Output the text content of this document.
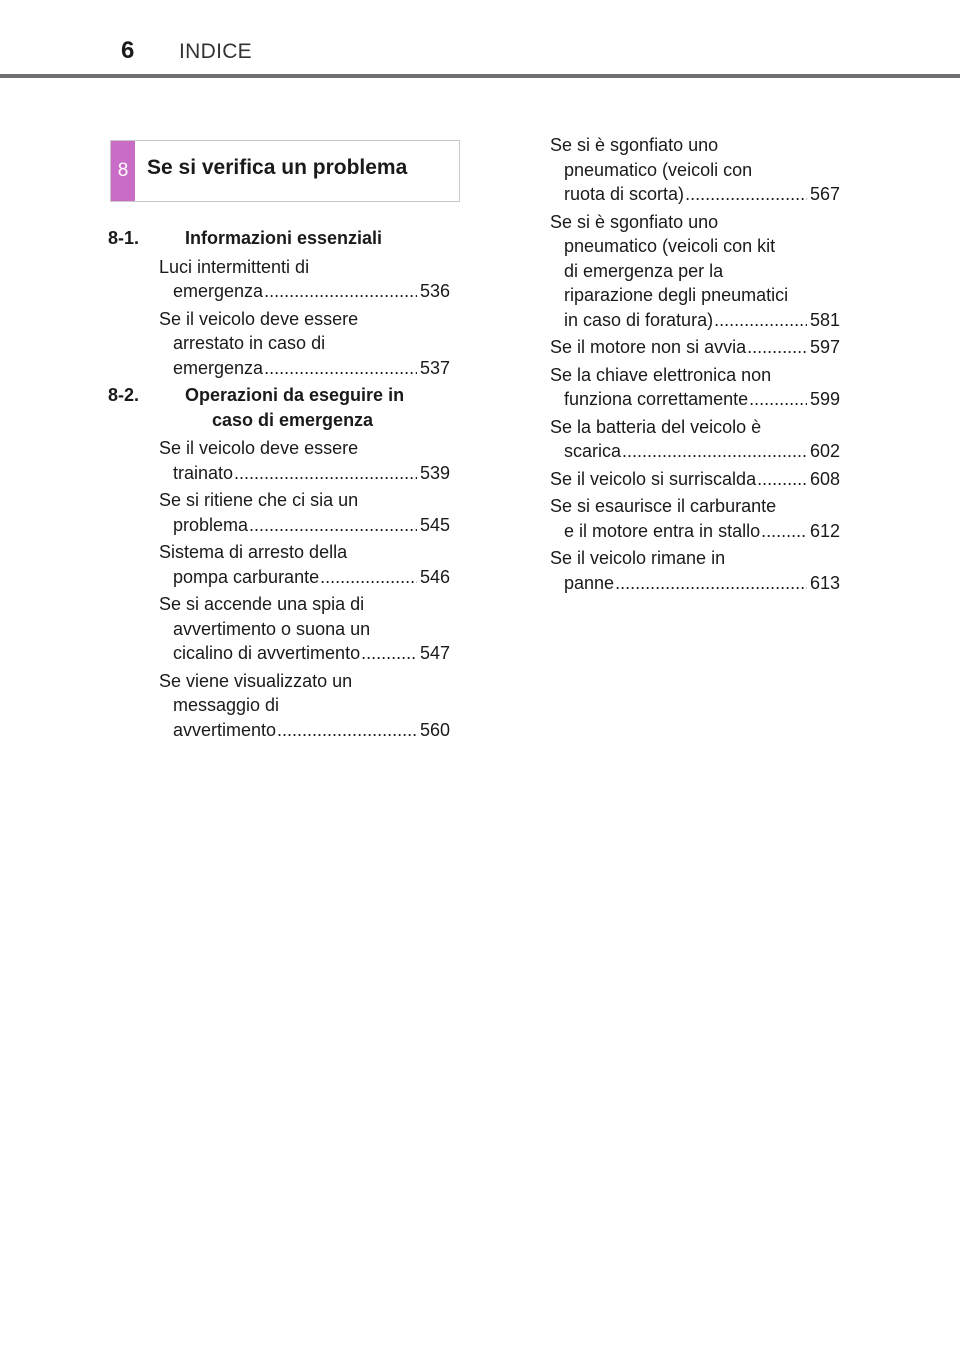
6 INDICE
8 Se si verifica un problema
8-1.	Informazioni essenziali
Luci intermittenti di
emergenza .....	536
Se il veicolo deve essere
arrestato in caso di
emergenza .....	537
8-2.	Operazioni da eseguire in
caso di emergenza
Se il veicolo deve essere
trainato .....	539
Se si ritiene che ci sia un
problema .....	545
Sistema di arresto della
pompa carburante .....	546
Se si accende una spia di
avvertimento o suona un
cicalino di avvertimento .....	547
Se viene visualizzato un
messaggio di
avvertimento .....	560
Se si è sgonfiato uno
pneumatico (veicoli con
ruota di scorta) .....	567
Se si è sgonfiato uno
pneumatico (veicoli con kit
di emergenza per la
riparazione degli pneumatici
in caso di foratura) .....	581
Se il motore non si avvia .....	597
Se la chiave elettronica non
funziona correttamente .....	599
Se la batteria del veicolo è
scarica .....	602
Se il veicolo si surriscalda .....	608
Se si esaurisce il carburante
e il motore entra in stallo .....	612
Se il veicolo rimane in
panne .....	613
